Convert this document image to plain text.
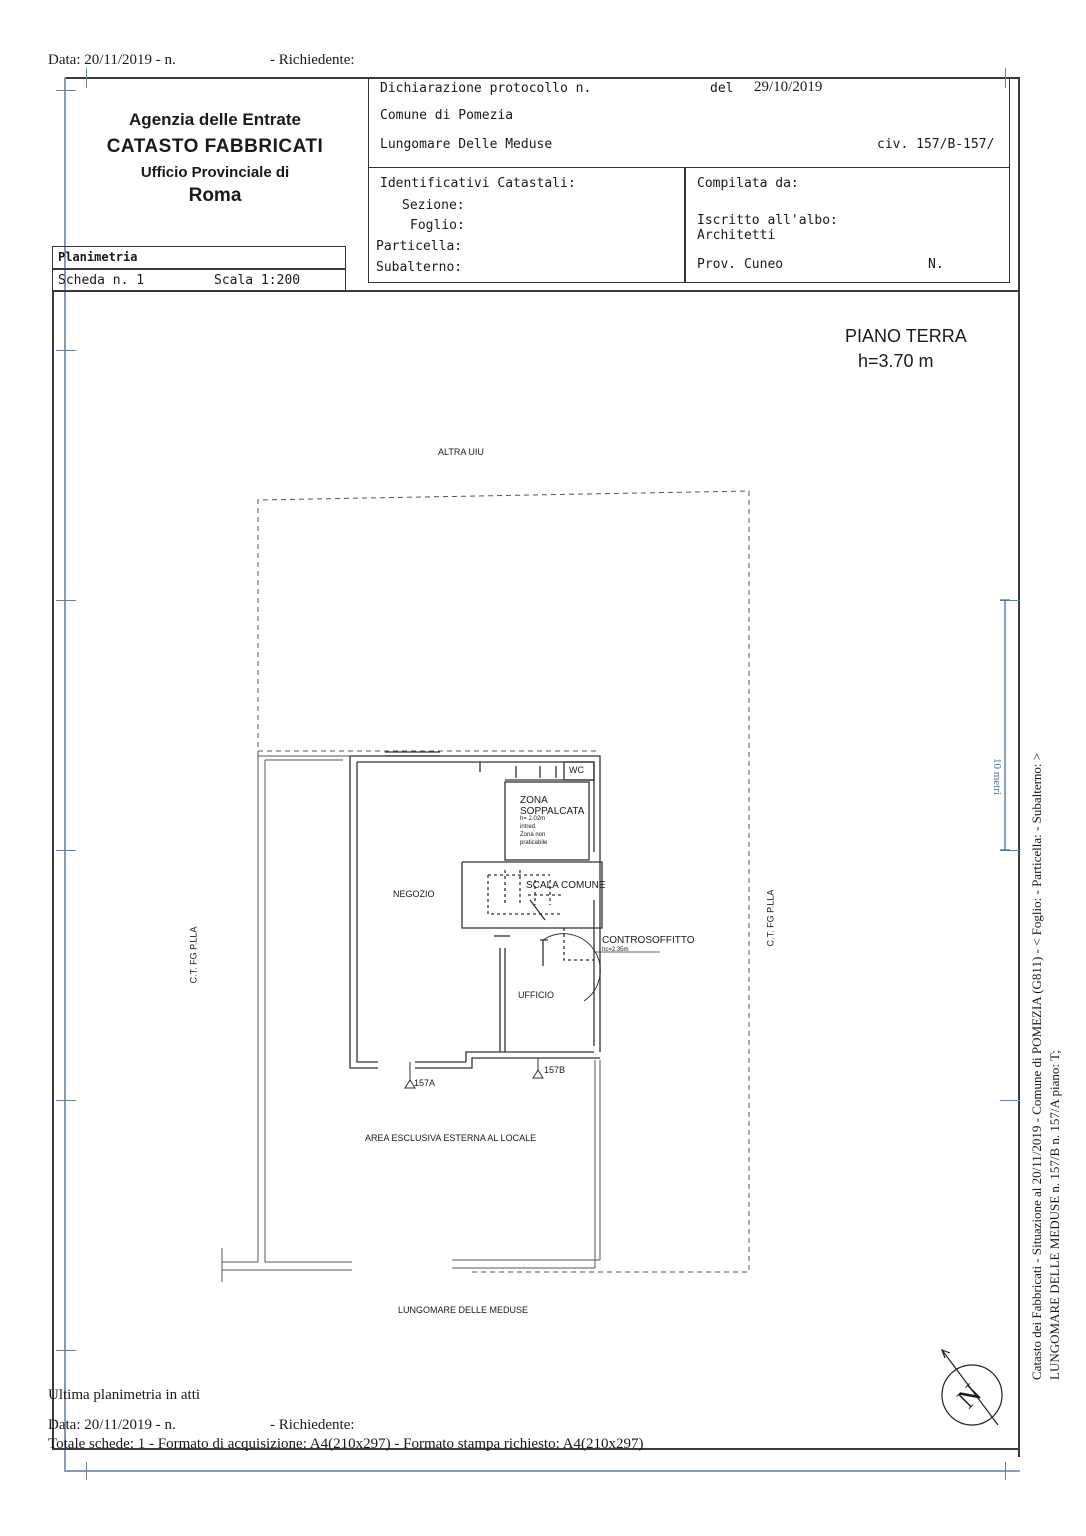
Data: 20/11/2019 - n.	- Richiedente:
Agenzia delle Entrate
CATASTO FABBRICATI
Ufficio Provinciale di
Roma
Dichiarazione protocollo n.	del 29/10/2019
Comune di Pomezia
Lungomare Delle Meduse	civ. 157/B-157/
Identificativi Catastali:
Sezione:
Foglio:
Particella:
Subalterno:
Compilata da:
Iscritto all'albo:
Architetti
Prov. Cuneo	N.
Planimetria
Scheda n. 1	Scala 1:200
PIANO TERRA
h=3.70 m
ALTRA UIU
WC
ZONA
SOPPALCATA
h= 2.02m
intred.
Zona non
praticabile
NEGOZIO
SCALA COMUNE
CONTROSOFFITTO
hc=2.35m
UFFICIO
157A
157B
AREA ESCLUSIVA ESTERNA AL LOCALE
LUNGOMARE DELLE MEDUSE
C.T. FG P.LLA
C.T. FG P.LLA
N
Catasto dei Fabbricati - Situazione al 20/11/2019 - Comune di POMEZIA (G811) - < Foglio: - Particella: - Subalterno: > LUNGOMARE DELLE MEDUSE n. 157/B n. 157/A piano: T;
10 metri
Ultima planimetria in atti
Data: 20/11/2019 - n.	- Richiedente:
Totale schede: 1 - Formato di acquisizione: A4(210x297) - Formato stampa richiesto: A4(210x297)
